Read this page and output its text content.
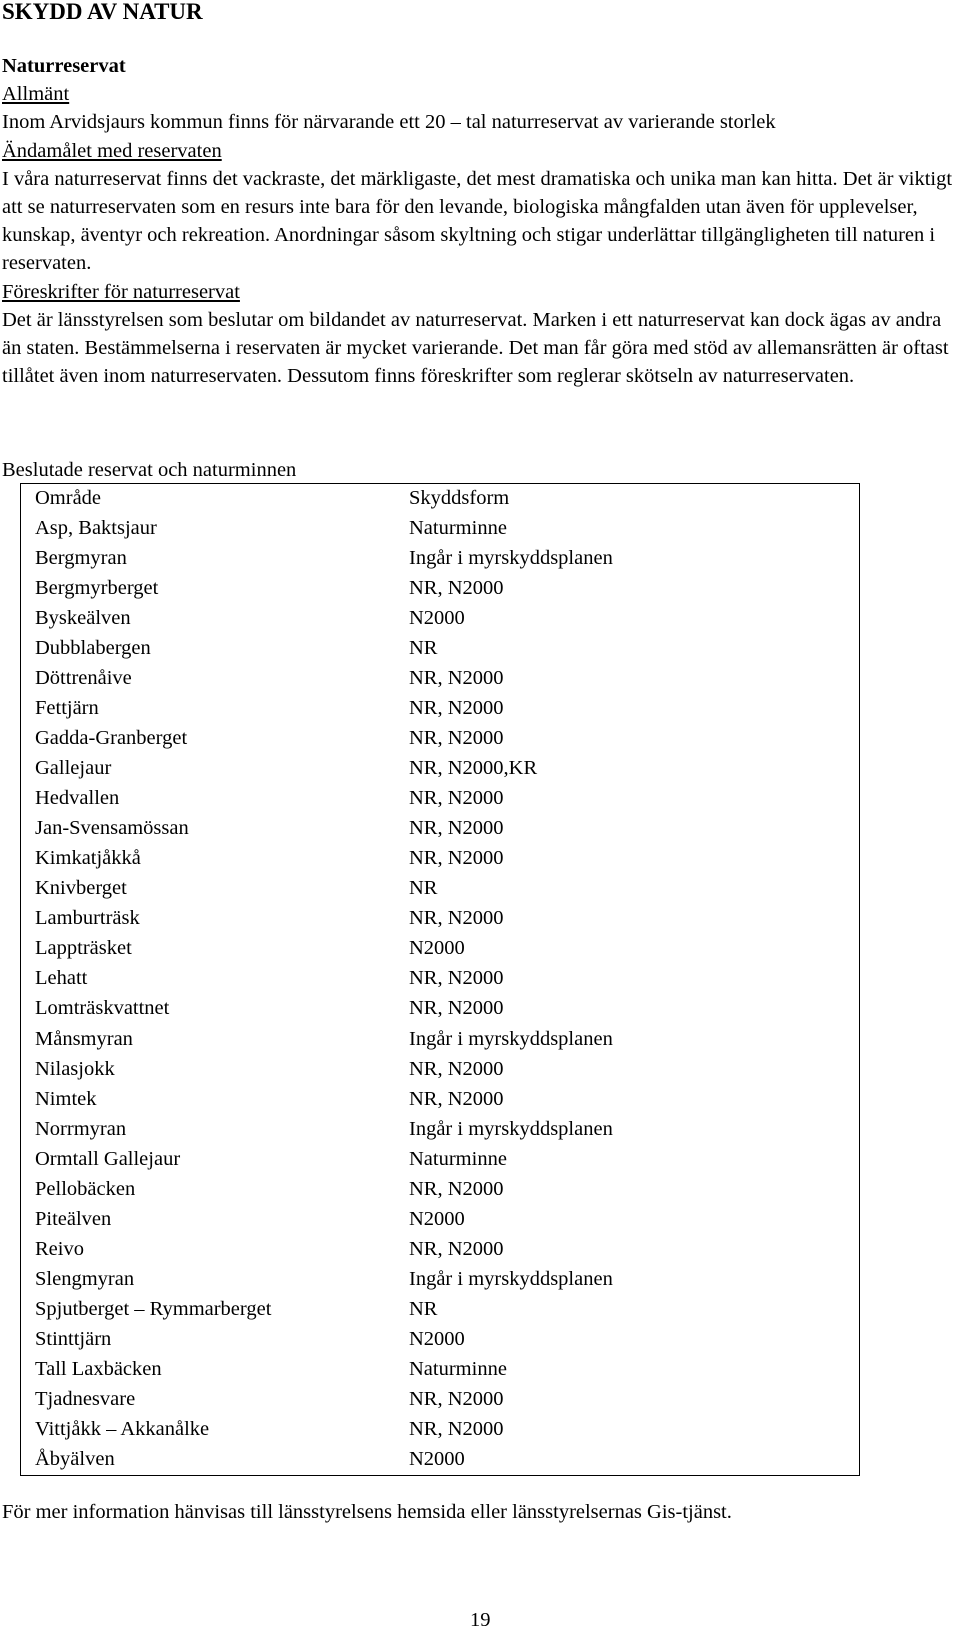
SKYDD AV NATUR

Naturreservat

Allmänt

Inom Arvidsjaurs kommun finns för närvarande ett 20 – tal naturreservat av varierande storlek

Ändamålet med reservaten

I våra naturreservat finns det vackraste, det märkligaste, det mest dramatiska och unika man kan hitta. Det är viktigt att se naturreservaten som en resurs inte bara för den levande, biologiska mångfalden utan även för upplevelser, kunskap, äventyr och rekreation. Anordningar såsom skyltning och stigar underlättar tillgängligheten till naturen i reservaten.

Föreskrifter för naturreservat

Det är länsstyrelsen som beslutar om bildandet av naturreservat. Marken i ett naturreservat kan dock ägas av andra än staten. Bestämmelserna i reservaten är mycket varierande. Det man får göra med stöd av allemansrätten är oftast tillåtet även inom naturreservaten. Dessutom finns föreskrifter som reglerar skötseln av naturreservaten.

Beslutade reservat och naturminnen

Område	Skyddsform
Asp, Baktsjaur	Naturminne
Bergmyran	Ingår i myrskyddsplanen
Bergmyrberget	NR, N2000
Byskeälven	N2000
Dubblabergen	NR
Döttrenåive	NR, N2000
Fettjärn	NR, N2000
Gadda-Granberget	NR, N2000
Gallejaur	NR, N2000,KR
Hedvallen	NR, N2000
Jan-Svensamössan	NR, N2000
Kimkatjåkkå	NR, N2000
Knivberget	NR
Lamburträsk	NR, N2000
Lappträsket	N2000
Lehatt	NR, N2000
Lomträskvattnet	NR, N2000
Månsmyran	Ingår i myrskyddsplanen
Nilasjokk	NR, N2000
Nimtek	NR, N2000
Norrmyran	Ingår i myrskyddsplanen
Ormtall Gallejaur	Naturminne
Pellobäcken	NR, N2000
Piteälven	N2000
Reivo	NR, N2000
Slengmyran	Ingår i myrskyddsplanen
Spjutberget – Rymmarberget	NR
Stinttjärn	N2000
Tall Laxbäcken	Naturminne
Tjadnesvare	NR, N2000
Vittjåkk – Akkanålke	NR, N2000
Åbyälven	N2000

För mer information hänvisas till länsstyrelsens hemsida eller länsstyrelsernas Gis-tjänst.

19
